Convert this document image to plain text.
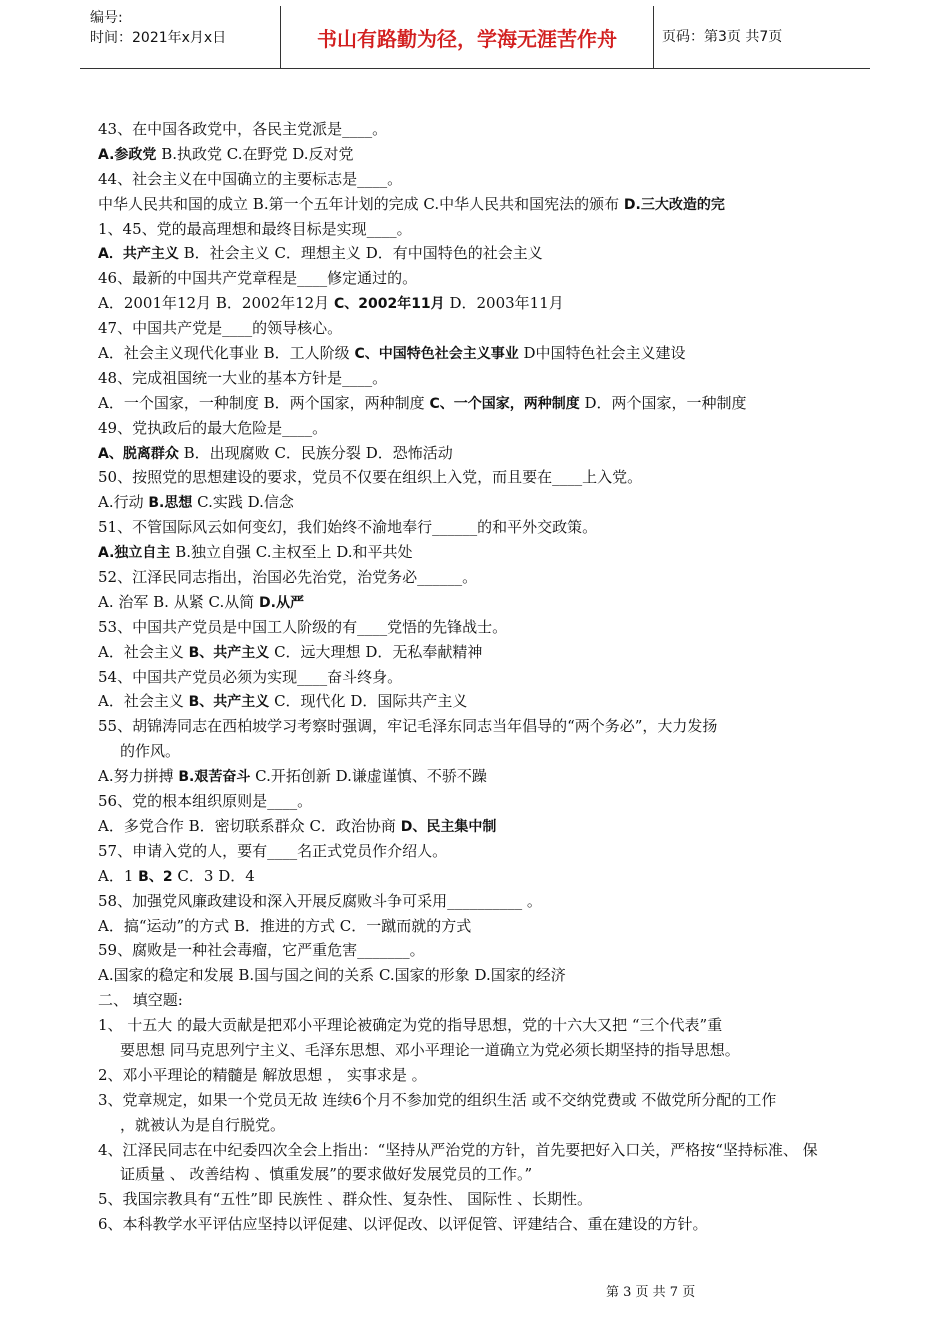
编号:
时间：2021年x月x日	书山有路勤为径，学海无涯苦作舟	页码：第3页 共7页
43、在中国各政党中，各民主党派是____。
A.参政党 B.执政党 C.在野党 D.反对党
44、社会主义在中国确立的主要标志是____。
中华人民共和国的成立 B.第一个五年计划的完成 C.中华人民共和国宪法的颁布 D.三大改造的完
1、45、党的最高理想和最终目标是实现____。
A．共产主义 B．社会主义 C．理想主义 D．有中国特色的社会主义
46、最新的中国共产党章程是____修定通过的。
A．2001年12月 B．2002年12月 C、2002年11月 D．2003年11月
47、中国共产党是____的领导核心。
A．社会主义现代化事业 B．工人阶级 C、中国特色社会主义事业 D中国特色社会主义建设
48、完成祖国统一大业的基本方针是____。
A．一个国家，一种制度 B．两个国家，两种制度 C、一个国家，两种制度 D．两个国家，一种制度
49、党执政后的最大危险是____。
A、脱离群众 B．出现腐败 C．民族分裂 D．恐怖活动
50、按照党的思想建设的要求，党员不仅要在组织上入党，而且要在____上入党。
A.行动 B.思想 C.实践 D.信念
51、不管国际风云如何变幻，我们始终不渝地奉行______的和平外交政策。
A.独立自主 B.独立自强 C.主权至上 D.和平共处
52、江泽民同志指出，治国必先治党，治党务必______。
A. 治军 B. 从紧 C.从简 D.从严
53、中国共产党员是中国工人阶级的有____党悟的先锋战士。
A．社会主义 B、共产主义 C．远大理想 D．无私奉献精神
54、中国共产党员必须为实现____奋斗终身。
A．社会主义 B、共产主义 C．现代化 D．国际共产主义
55、胡锦涛同志在西柏坡学习考察时强调，牢记毛泽东同志当年倡导的“两个务必”，大力发扬
的作风。
A.努力拼搏 B.艰苦奋斗 C.开拓创新 D.谦虚谨慎、不骄不躁
56、党的根本组织原则是____。
A．多党合作 B．密切联系群众 C．政治协商 D、民主集中制
57、申请入党的人，要有____名正式党员作介绍人。
A．1 B、2 C．3 D．4
58、加强党风廉政建设和深入开展反腐败斗争可采用__________ 。
A．搞“运动”的方式 B．推进的方式 C．一蹴而就的方式
59、腐败是一种社会毒瘤，它严重危害_______。
A.国家的稳定和发展 B.国与国之间的关系 C.国家的形象 D.国家的经济
二、 填空题:
1、 十五大 的最大贡献是把邓小平理论被确定为党的指导思想，党的十六大又把 “三个代表”重
要思想 同马克思列宁主义、毛泽东思想、邓小平理论一道确立为党必须长期坚持的指导思想。
2、邓小平理论的精髓是 解放思想 ， 实事求是 。
3、党章规定，如果一个党员无故 连续6个月不参加党的组织生活 或不交纳党费或 不做党所分配的工作
，就被认为是自行脱党。
4、江泽民同志在中纪委四次全会上指出：“坚持从严治党的方针，首先要把好入口关，严格按“坚持标准、 保
证质量 、 改善结构 、慎重发展”的要求做好发展党员的工作。”
5、我国宗教具有“五性”即 民族性 、群众性、复杂性、 国际性 、长期性。
6、本科教学水平评估应坚持以评促建、以评促改、以评促管、评建结合、重在建设的方针。
第 3 页 共 7 页
